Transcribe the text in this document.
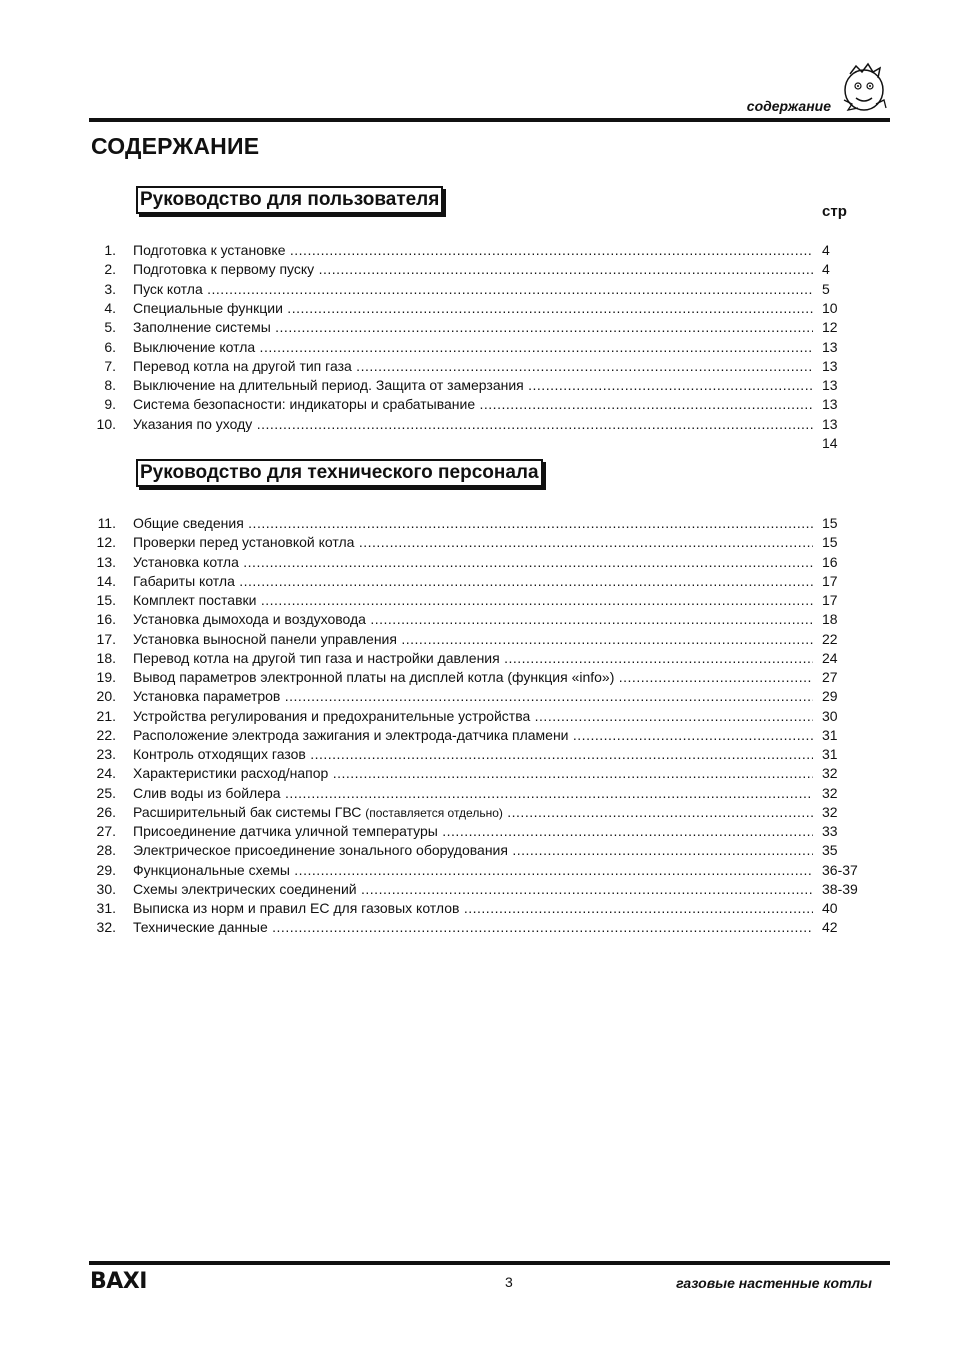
содержание
СОДЕРЖАНИЕ
Руководство для пользователя
стр
1. Подготовка к установке .....	4
2. Подготовка к первому пуску .....	4
3. Пуск котла .....	5
4. Специальные функции .....	10
5. Заполнение системы .....	12
6. Выключение котла .....	13
7. Перевод котла на другой тип газа .....	13
8. Выключение на длительный период. Защита от замерзания .....	13
9. Система безопасности: индикаторы и срабатывание .....	13
10. Указания по уходу .....	13
14
Руководство для технического персонала
11. Общие сведения .....	15
12. Проверки перед установкой котла .....	15
13. Установка котла .....	16
14. Габариты котла .....	17
15. Комплект поставки .....	17
16. Установка дымохода и воздуховода .....	18
17. Установка выносной панели управления .....	22
18. Перевод котла на другой тип газа и настройки давления .....	24
19. Вывод параметров электронной платы на дисплей котла (функция «info») .....	27
20. Установка параметров .....	29
21. Устройства регулирования и предохранительные устройства .....	30
22. Расположение электрода зажигания и электрода-датчика пламени .....	31
23. Контроль отходящих газов .....	31
24. Характеристики расход/напор .....	32
25. Слив воды из бойлера .....	32
26. Расширительный бак системы ГВС (поставляется отдельно) .....	32
27. Присоединение датчика уличной температуры .....	33
28. Электрическое присоединение зонального оборудования .....	35
29. Функциональные схемы .....	36-37
30. Схемы электрических соединений .....	38-39
31. Выписка из норм и правил ЕС для газовых котлов .....	40
32. Технические данные .....	42
BAXI	3	газовые настенные котлы
